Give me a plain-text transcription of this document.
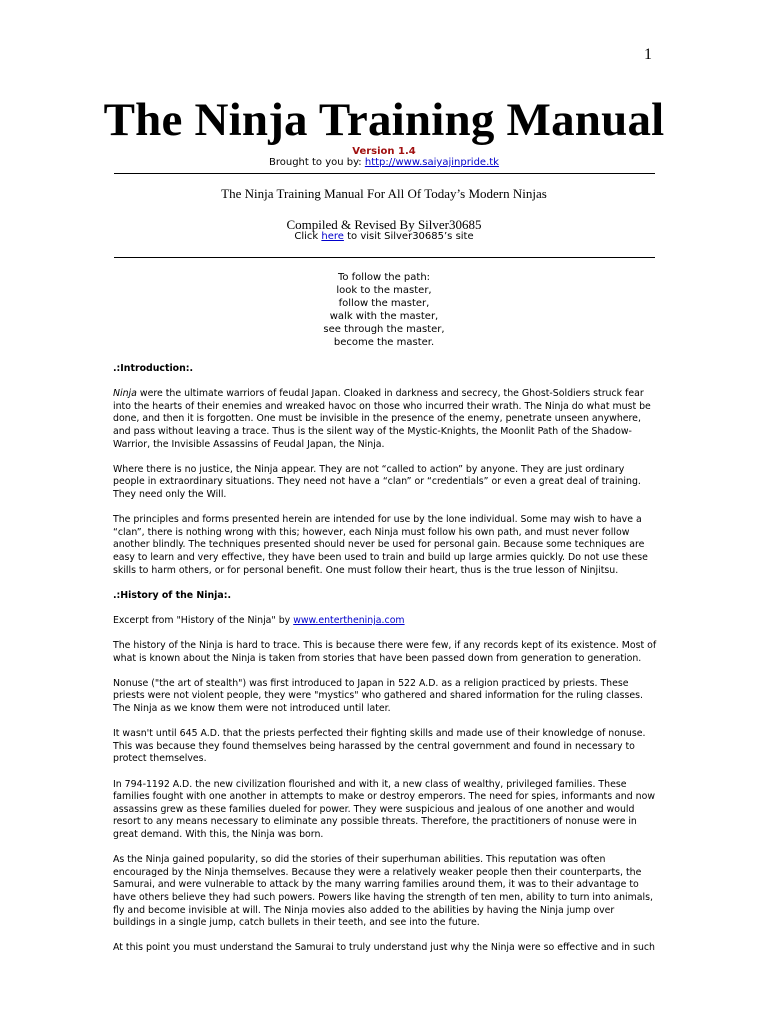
1
The Ninja Training Manual
Version 1.4
Brought to you by: http://www.saiyajinpride.tk
The Ninja Training Manual For All Of Today’s Modern Ninjas
Compiled & Revised By Silver30685
Click here to visit Silver30685’s site
To follow the path:
look to the master,
follow the master,
walk with the master,
see through the master,
become the master.

.:Introduction:.

Ninja were the ultimate warriors of feudal Japan. Cloaked in darkness and secrecy, the Ghost-Soldiers struck fear into the hearts of their enemies and wreaked havoc on those who incurred their wrath. The Ninja do what must be done, and then it is forgotten. One must be invisible in the presence of the enemy, penetrate unseen anywhere, and pass without leaving a trace. Thus is the silent way of the Mystic-Knights, the Moonlit Path of the Shadow-Warrior, the Invisible Assassins of Feudal Japan, the Ninja.

Where there is no justice, the Ninja appear. They are not “called to action” by anyone. They are just ordinary people in extraordinary situations. They need not have a “clan” or “credentials” or even a great deal of training. They need only the Will.

The principles and forms presented herein are intended for use by the lone individual. Some may wish to have a “clan”, there is nothing wrong with this; however, each Ninja must follow his own path, and must never follow another blindly. The techniques presented should never be used for personal gain. Because some techniques are easy to learn and very effective, they have been used to train and build up large armies quickly. Do not use these skills to harm others, or for personal benefit. One must follow their heart, thus is the true lesson of Ninjitsu.

.:History of the Ninja:.

Excerpt from "History of the Ninja" by www.entertheninja.com

The history of the Ninja is hard to trace. This is because there were few, if any records kept of its existence. Most of what is known about the Ninja is taken from stories that have been passed down from generation to generation.

Nonuse ("the art of stealth") was first introduced to Japan in 522 A.D. as a religion practiced by priests. These priests were not violent people, they were "mystics" who gathered and shared information for the ruling classes. The Ninja as we know them were not introduced until later.

It wasn't until 645 A.D. that the priests perfected their fighting skills and made use of their knowledge of nonuse. This was because they found themselves being harassed by the central government and found in necessary to protect themselves.

In 794-1192 A.D. the new civilization flourished and with it, a new class of wealthy, privileged families. These families fought with one another in attempts to make or destroy emperors. The need for spies, informants and now assassins grew as these families dueled for power. They were suspicious and jealous of one another and would resort to any means necessary to eliminate any possible threats. Therefore, the practitioners of nonuse were in great demand. With this, the Ninja was born.

As the Ninja gained popularity, so did the stories of their superhuman abilities. This reputation was often encouraged by the Ninja themselves. Because they were a relatively weaker people then their counterparts, the Samurai, and were vulnerable to attack by the many warring families around them, it was to their advantage to have others believe they had such powers. Powers like having the strength of ten men, ability to turn into animals, fly and become invisible at will. The Ninja movies also added to the abilities by having the Ninja jump over buildings in a single jump, catch bullets in their teeth, and see into the future.

At this point you must understand the Samurai to truly understand just why the Ninja were so effective and in such
